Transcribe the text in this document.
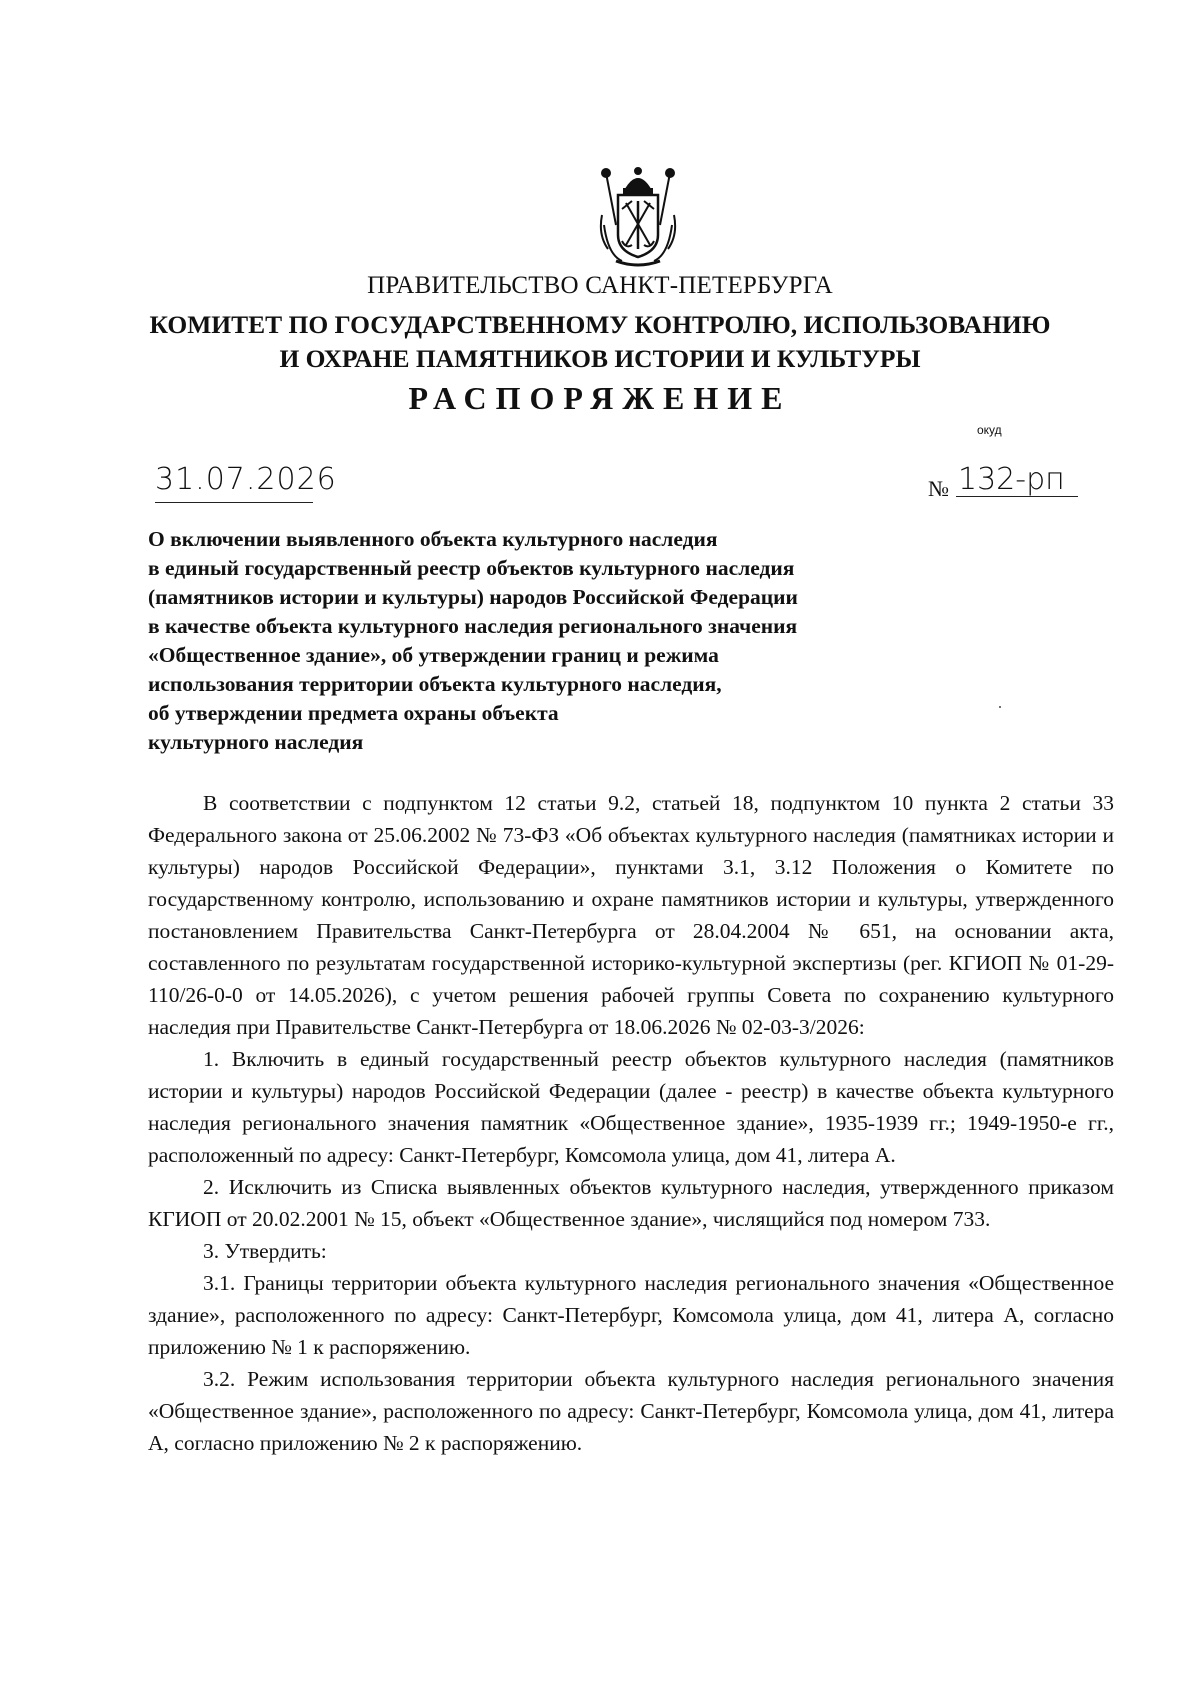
ПРАВИТЕЛЬСТВО САНКТ-ПЕТЕРБУРГА
КОМИТЕТ ПО ГОСУДАРСТВЕННОМУ КОНТРОЛЮ, ИСПОЛЬЗОВАНИЮ
И ОХРАНЕ ПАМЯТНИКОВ ИСТОРИИ И КУЛЬТУРЫ
РАСПОРЯЖЕНИЕ
окуд
31.07.2026	№ 132-рп
О включении выявленного объекта культурного наследия
в единый государственный реестр объектов культурного наследия
(памятников истории и культуры) народов Российской Федерации
в качестве объекта культурного наследия регионального значения
«Общественное здание», об утверждении границ и режима
использования территории объекта культурного наследия,
об утверждении предмета охраны объекта
культурного наследия

В соответствии с подпунктом 12 статьи 9.2, статьей 18, подпунктом 10 пункта 2 статьи 33 Федерального закона от 25.06.2002 № 73-ФЗ «Об объектах культурного наследия (памятниках истории и культуры) народов Российской Федерации», пунктами 3.1, 3.12 Положения о Комитете по государственному контролю, использованию и охране памятников истории и культуры, утвержденного постановлением Правительства Санкт-Петербурга от 28.04.2004 № 651, на основании акта, составленного по результатам государственной историко-культурной экспертизы (рег. КГИОП № 01-29-110/26-0-0 от 14.05.2026), с учетом решения рабочей группы Совета по сохранению культурного наследия при Правительстве Санкт-Петербурга от 18.06.2026 № 02-03-3/2026:

1. Включить в единый государственный реестр объектов культурного наследия (памятников истории и культуры) народов Российской Федерации (далее - реестр) в качестве объекта культурного наследия регионального значения памятник «Общественное здание», 1935-1939 гг.; 1949-1950-е гг., расположенный по адресу: Санкт-Петербург, Комсомола улица, дом 41, литера А.

2. Исключить из Списка выявленных объектов культурного наследия, утвержденного приказом КГИОП от 20.02.2001 № 15, объект «Общественное здание», числящийся под номером 733.

3. Утвердить:

3.1. Границы территории объекта культурного наследия регионального значения «Общественное здание», расположенного по адресу: Санкт-Петербург, Комсомола улица, дом 41, литера А, согласно приложению № 1 к распоряжению.

3.2. Режим использования территории объекта культурного наследия регионального значения «Общественное здание», расположенного по адресу: Санкт-Петербург, Комсомола улица, дом 41, литера А, согласно приложению № 2 к распоряжению.
